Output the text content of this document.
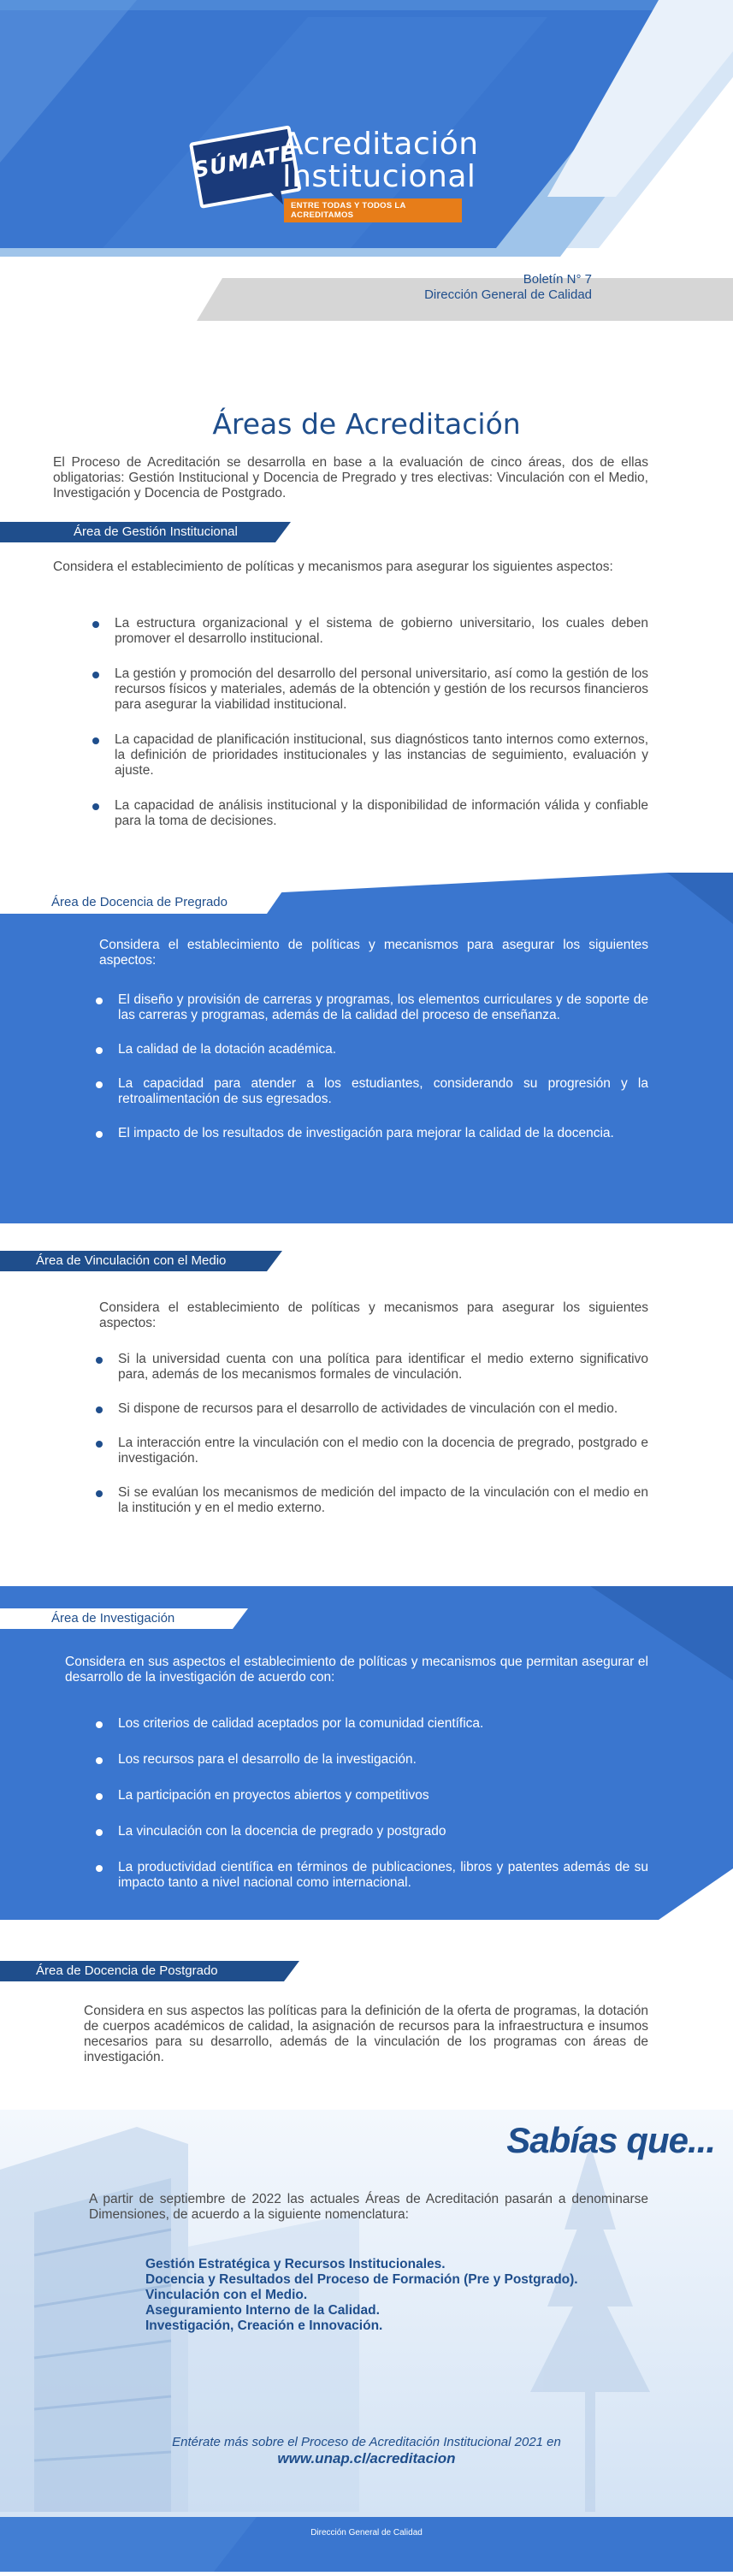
SÚMATE
Acreditación
Institucional
ENTRE TODAS Y TODOS LA ACREDITAMOS
Boletín N° 7
Dirección General de Calidad
Áreas de Acreditación
El Proceso de Acreditación se desarrolla en base a la evaluación de cinco áreas, dos de ellas obligatorias: Gestión Institucional y Docencia de Pregrado y tres electivas: Vinculación con el Medio, Investigación y Docencia de Postgrado.
Área de Gestión Institucional
Considera el establecimiento de políticas y mecanismos para asegurar los siguientes aspectos:
La estructura organizacional y el sistema de gobierno universitario, los cuales deben promover el desarrollo institucional.
La gestión y promoción del desarrollo del personal universitario, así como la gestión de los recursos físicos y materiales, además de la obtención y gestión de los recursos financieros para asegurar la viabilidad institucional.
La capacidad de planificación institucional, sus diagnósticos tanto internos como externos, la definición de prioridades institucionales y las instancias de seguimiento, evaluación y ajuste.
La capacidad de análisis institucional y la disponibilidad de información válida y confiable para la toma de decisiones.
Área de Docencia de Pregrado
Considera el establecimiento de políticas y mecanismos para asegurar los siguientes aspectos:
El diseño y provisión de carreras y programas, los elementos curriculares y de soporte de las carreras y programas, además de la calidad del proceso de enseñanza.
La calidad de la dotación académica.
La capacidad para atender a los estudiantes, considerando su progresión y la retroalimentación de sus egresados.
El impacto de los resultados de investigación para mejorar la calidad de la docencia.
Área de Vinculación con el Medio
Considera el establecimiento de políticas y mecanismos para asegurar los siguientes aspectos:
Si la universidad cuenta con una política para identificar el medio externo significativo para, además de los mecanismos formales de vinculación.
Si dispone de recursos para el desarrollo de actividades de vinculación con el medio.
La interacción entre la vinculación con el medio con la docencia de pregrado, postgrado e investigación.
Si se evalúan los mecanismos de medición del impacto de la vinculación con el medio en la institución y en el medio externo.
Área de Investigación
Considera en sus aspectos el establecimiento de políticas y mecanismos que permitan asegurar el desarrollo de la investigación de acuerdo con:
Los criterios de calidad aceptados por la comunidad científica.
Los recursos para el desarrollo de la investigación.
La participación en proyectos abiertos y competitivos
La vinculación con la docencia de pregrado y postgrado
La productividad científica en términos de publicaciones, libros y patentes además de su impacto tanto a nivel nacional como internacional.
Área de Docencia de Postgrado
Considera en sus aspectos las políticas para la definición de la oferta de programas, la dotación de cuerpos académicos de calidad, la asignación de recursos para la infraestructura e insumos necesarios para su desarrollo, además de la vinculación de los programas con áreas de investigación.
Sabías que...
A partir de septiembre de 2022 las actuales Áreas de Acreditación pasarán a denominarse Dimensiones, de acuerdo a la siguiente nomenclatura:
Gestión Estratégica y Recursos Institucionales.
Docencia y Resultados del Proceso de Formación (Pre y Postgrado).
Vinculación con el Medio.
Aseguramiento Interno de la Calidad.
Investigación, Creación e Innovación.
Entérate más sobre el Proceso de Acreditación Institucional 2021 en
www.unap.cl/acreditacion
Dirección General de Calidad
